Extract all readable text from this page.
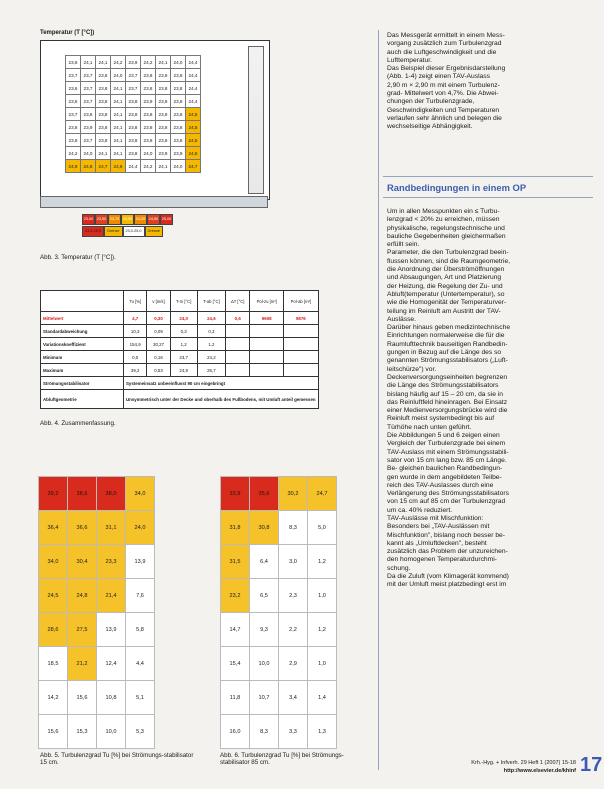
Temperatur (T [°C])
23,8	24,1	24,1	24,2	23,9	24,2	24,1	24,0	24,4
23,7	23,7	23,8	24,0	23,7	23,8	23,8	23,8	24,4
23,6	23,7	23,8	24,1	23,7	23,8	23,8	23,8	24,4
23,6	23,7	23,8	24,1	23,8	23,9	23,8	23,8	24,4
23,7	23,8	23,8	24,1	23,8	23,8	23,8	23,8	24,5
23,8	23,9	23,8	24,1	23,8	23,8	23,8	23,8	24,5
23,8	23,7	23,8	24,1	23,8	23,8	23,8	23,8	24,5
24,2	24,0	24,1	24,1	23,8	24,0	23,9	23,9	24,5
24,9	24,8	24,7	24,6	24,4	24,2	24,1	24,0	24,7
23,00 23,50 23,75 24,00 24,25 24,50 25,00
23,4-25,0	Grenze	23,0-25,0	Grenze
Abb. 3. Temperatur (T [°C]).
	Tu [%]	v [m/s]	T-m [°C]	T-ab [°C]	ΔT [°C]	Pol-zu [m³]	Pol-ab [m³]
Mittelwert	4,7	0,30	24,0	24,6	0,6	9608	9876
Standardabweichung	10,3	0,09	0,3	0,3			
Variationskoeffizient	154,9	30,27	1,2	1,2			
Minimum	0,0	0,16	23,7	24,2			
Maximum	39,2	0,53	24,9	25,7			
Strömungsstabilisator	Systemeinsatz unbeeinflusst 90 cm eingebringt						
Abluftgeometrie	Unsymmetrisch unter der Decke und oberhalb des Fußbodens, mit Umluft anteil gemessen						
Abb. 4. Zusammenfassung.
39,2	38,6	38,0	34,0
36,4	36,6	31,1	24,0
34,0	30,4	23,3	13,9
24,5	24,8	21,4	7,6
28,6	27,5	13,9	5,8
18,5	21,2	12,4	4,4
14,2	15,6	10,8	5,1
15,6	15,3	10,0	5,3
Abb. 5. Turbulenzgrad Tu [%] bei Strömungs-stabilisator 15 cm.
33,9	35,6	30,2	24,7
31,8	30,8	8,3	5,0
31,5	6,4	3,0	1,2
23,2	6,5	2,3	1,0
14,7	9,3	2,2	1,2
15,4	10,0	2,9	1,0
11,8	10,7	3,4	1,4
16,0	8,3	3,3	1,3
Abb. 6. Turbulenzgrad Tu [%] bei Strömungs-stabilisator 85 cm.
Das Messgerät ermittelt in einem Mess-
vorgang zusätzlich zum Turbulenzgrad
auch die Luftgeschwindigkeit und die
Lufttemperatur.
Das Beispiel dieser Ergebnisdarstellung
(Abb. 1-4) zeigt einen TAV-Auslass
2,90 m × 2,90 m mit einem Turbulenz-
grad- Mittelwert von 4,7%. Die Abwei-
chungen der Turbulenzgrade,
Geschwindigkeiten und Temperaturen
verlaufen sehr ähnlich und belegen die
wechselseitige Abhängigkeit.
Randbedingungen in einem OP
Um in allen Messpunkten ein ≤ Turbu-
lenzgrad < 20% zu erreichen, müssen
physikalische, regelungstechnische und
bauliche Gegebenheiten gleichermaßen
erfüllt sein.
Parameter, die den Turbulenzgrad beein-
flussen können, sind die Raumgeometrie,
die Anordnung der Überströmöffnungen
und Absaugungen, Art und Platzierung
der Heizung, die Regelung der Zu- und
Abluft(temperatur (Untertemperatur), so
wie die Homogenität der Temperaturver-
teilung im Reinluft am Austritt der TAV-
Auslässe.
Darüber hinaus geben medizintechnische
Einrichtungen normalerweise die für die
Raumlufttechnik bauseitigen Randbedin-
gungen in Bezug auf die Länge des so
genannten Strömungsstabilisators („Luft-
leitschürze") vor.
Deckenversorgungseinheiten begrenzen
die Länge des Strömungsstabilisators
bislang häufig auf 15 – 20 cm, da sie in
das Reinluftfeld hineinragen. Bei Einsatz
einer Medienversorgungsbrücke wird die
Reinluft meist systembedingt bis auf
Türhöhe nach unten geführt.
Die Abbildungen 5 und 6 zeigen einen
Vergleich der Turbulenzgrade bei einem
TAV-Auslass mit einem Strömungsstabili-
sator von 15 cm lang bzw. 85 cm Länge.
Be- gleichen baulichen Randbedingun-
gen wurde in dem angebildeten Teilbe-
reich des TAV-Auslasses durch eine
Verlängerung des Strömungsstabilisators
von 15 cm auf 85 cm der Turbulenzgrad
um ca. 40% reduziert.
TAV-Auslässe mit Mischfunktion:
Besonders bei „TAV-Auslässen mit
Mischfunktion", bislang noch besser be-
kannt als „Umluftdecken", besteht
zusätzlich das Problem der unzureichen-
den homogenen Temperaturdurchmi-
schung.
Da die Zuluft (vom Klimagerät kommend)
mit der Umluft meist platzbedingt erst im
Krh.-Hyg. + Infverh. 29 Heft 1 (2007) 15-18
http://www.elsevier.de/khinf 17
